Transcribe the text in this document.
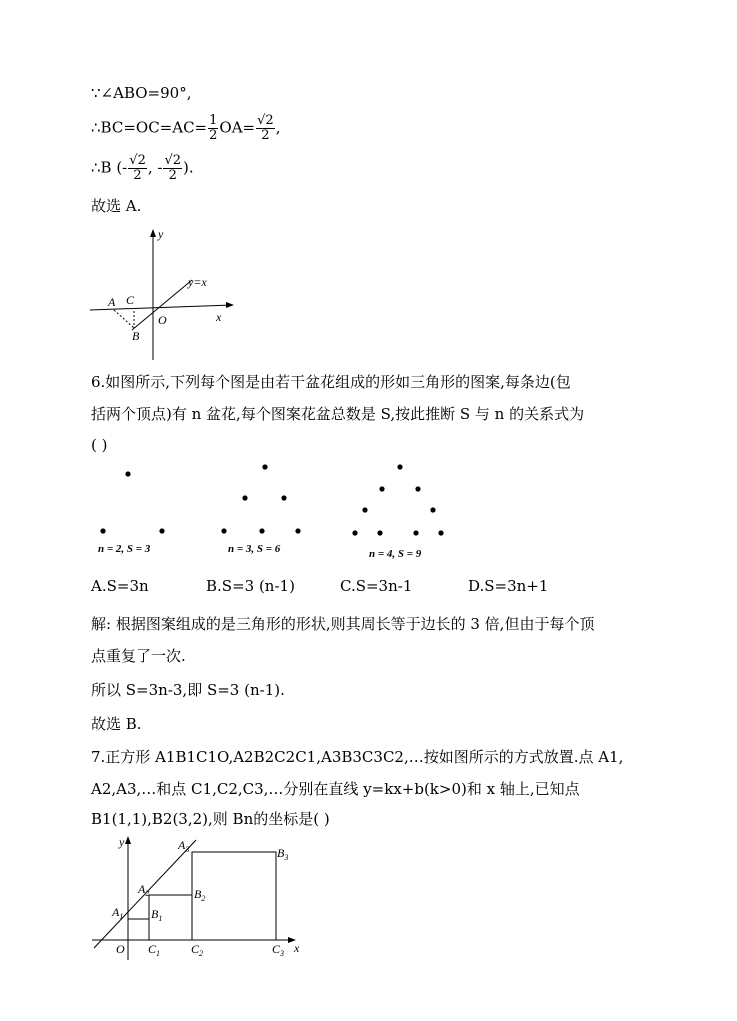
∵∠ABO=90°,
∴BC=OC=AC= $\frac{1}{2} OA= \frac{√2}{2}$ ,
∴B (- $\frac{√2}{2}$ , - $\frac{√2}{2}$ ).
故选 A.
y
x
y=x
A C
B
O
6.如图所示,下列每个图是由若干盆花组成的形如三角形的图案,每条边(包
括两个顶点)有 n 盆花,每个图案花盆总数是 S,按此推断 S 与 n 的关系式为
( )
n = 2, S = 3	n = 3, S = 6	n = 4, S = 9
A.S=3n	B.S=3 (n-1)	C.S=3n-1	D.S=3n+1
解: 根据图案组成的是三角形的形状,则其周长等于边长的 3 倍,但由于每个顶
点重复了一次.
所以 S=3n-3,即 S=3 (n-1).
故选 B.
7.正方形 A1B1C1O,A2B2C2C1,A3B3C3C2,…按如图所示的方式放置.点 A1,
A2,A3,…和点 C1,C2,C3,…分别在直线 y=kx+b(k>0)和 x 轴上,已知点
B1(1,1),B2(3,2),则 Bn的坐标是( )
y
x
O
$A_1$
$A_2$
$A_3$
$B_1$
$B_2$
$B_3$
$C_1$	$C_2$	$C_3$
